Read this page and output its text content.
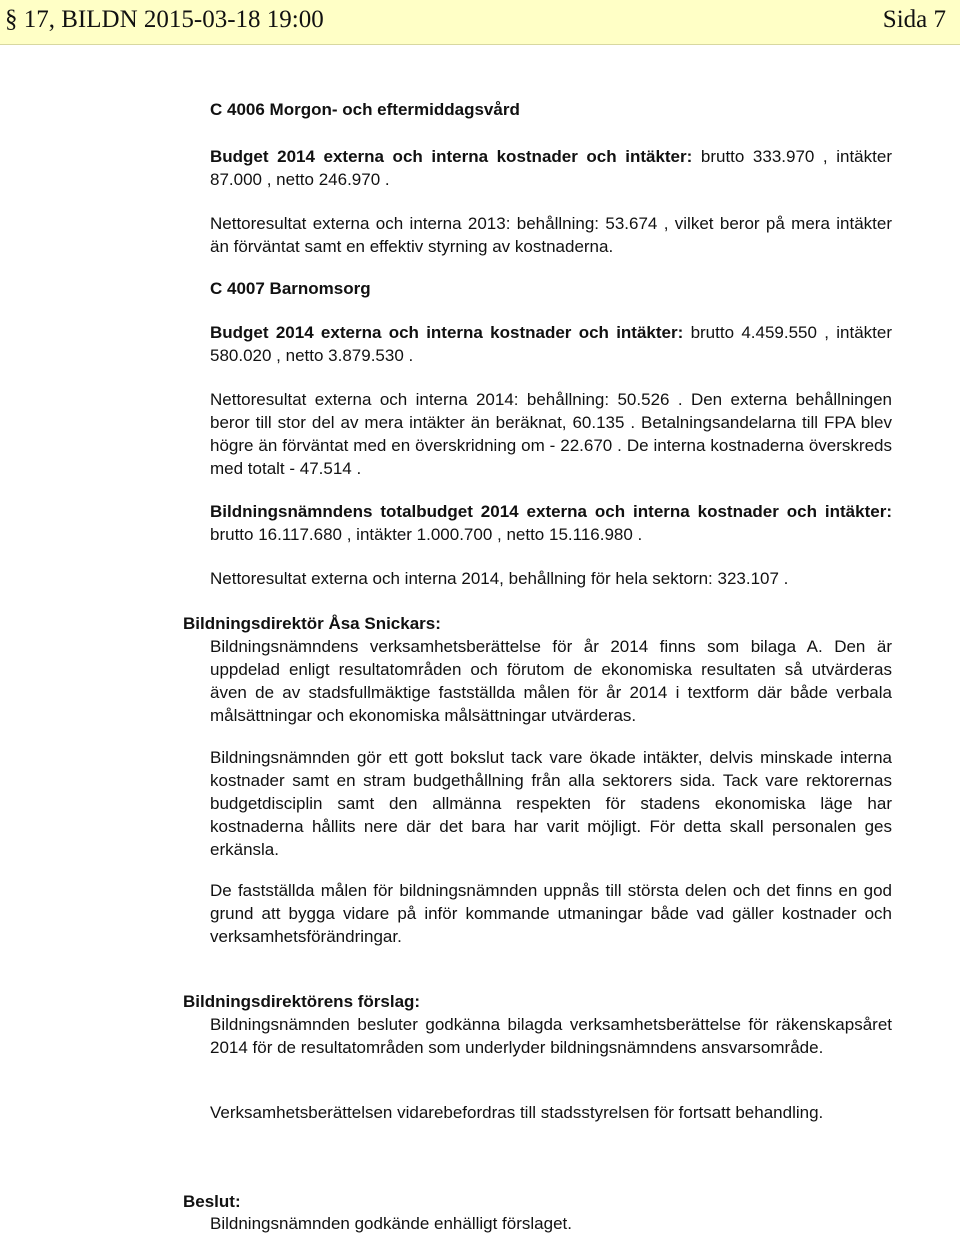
§ 17, BILDN 2015-03-18 19:00	Sida 7

C 4006 Morgon- och eftermiddagsvård

Budget 2014 externa och interna kostnader och intäkter: brutto 333.970 , intäkter 87.000 , netto 246.970 .

Nettoresultat externa och interna 2013: behållning: 53.674 , vilket beror på mera intäkter än förväntat samt en effektiv styrning av kostnaderna.

C 4007 Barnomsorg

Budget 2014 externa och interna kostnader och intäkter: brutto 4.459.550 , intäkter 580.020 , netto 3.879.530 .

Nettoresultat externa och interna 2014: behållning: 50.526 . Den externa behållningen beror till stor del av mera intäkter än beräknat, 60.135 . Betalningsandelarna till FPA blev högre än förväntat med en överskridning om - 22.670 . De interna kostnaderna överskreds med totalt - 47.514 .

Bildningsnämndens totalbudget 2014 externa och interna kostnader och intäkter: brutto 16.117.680 , intäkter 1.000.700 , netto 15.116.980 .

Nettoresultat externa och interna 2014, behållning för hela sektorn: 323.107 .

Bildningsdirektör Åsa Snickars:

Bildningsnämndens verksamhetsberättelse för år 2014 finns som bilaga A. Den är uppdelad enligt resultatområden och förutom de ekonomiska resultaten så utvärderas även de av stadsfullmäktige fastställda målen för år 2014 i textform där både verbala målsättningar och ekonomiska målsättningar utvärderas.

Bildningsnämnden gör ett gott bokslut tack vare ökade intäkter, delvis minskade interna kostnader samt en stram budgethållning från alla sektorers sida. Tack vare rektorernas budgetdisciplin samt den allmänna respekten för stadens ekonomiska läge har kostnaderna hållits nere där det bara har varit möjligt. För detta skall personalen ges erkänsla.

De fastställda målen för bildningsnämnden uppnås till största delen och det finns en god grund att bygga vidare på inför kommande utmaningar både vad gäller kostnader och verksamhetsförändringar.

Bildningsdirektörens förslag:

Bildningsnämnden besluter godkänna bilagda verksamhetsberättelse för räkenskapsåret 2014 för de resultatområden som underlyder bildningsnämndens ansvarsområde.

Verksamhetsberättelsen vidarebefordras till stadsstyrelsen för fortsatt behandling.

Beslut:

Bildningsnämnden godkände enhälligt förslaget.
